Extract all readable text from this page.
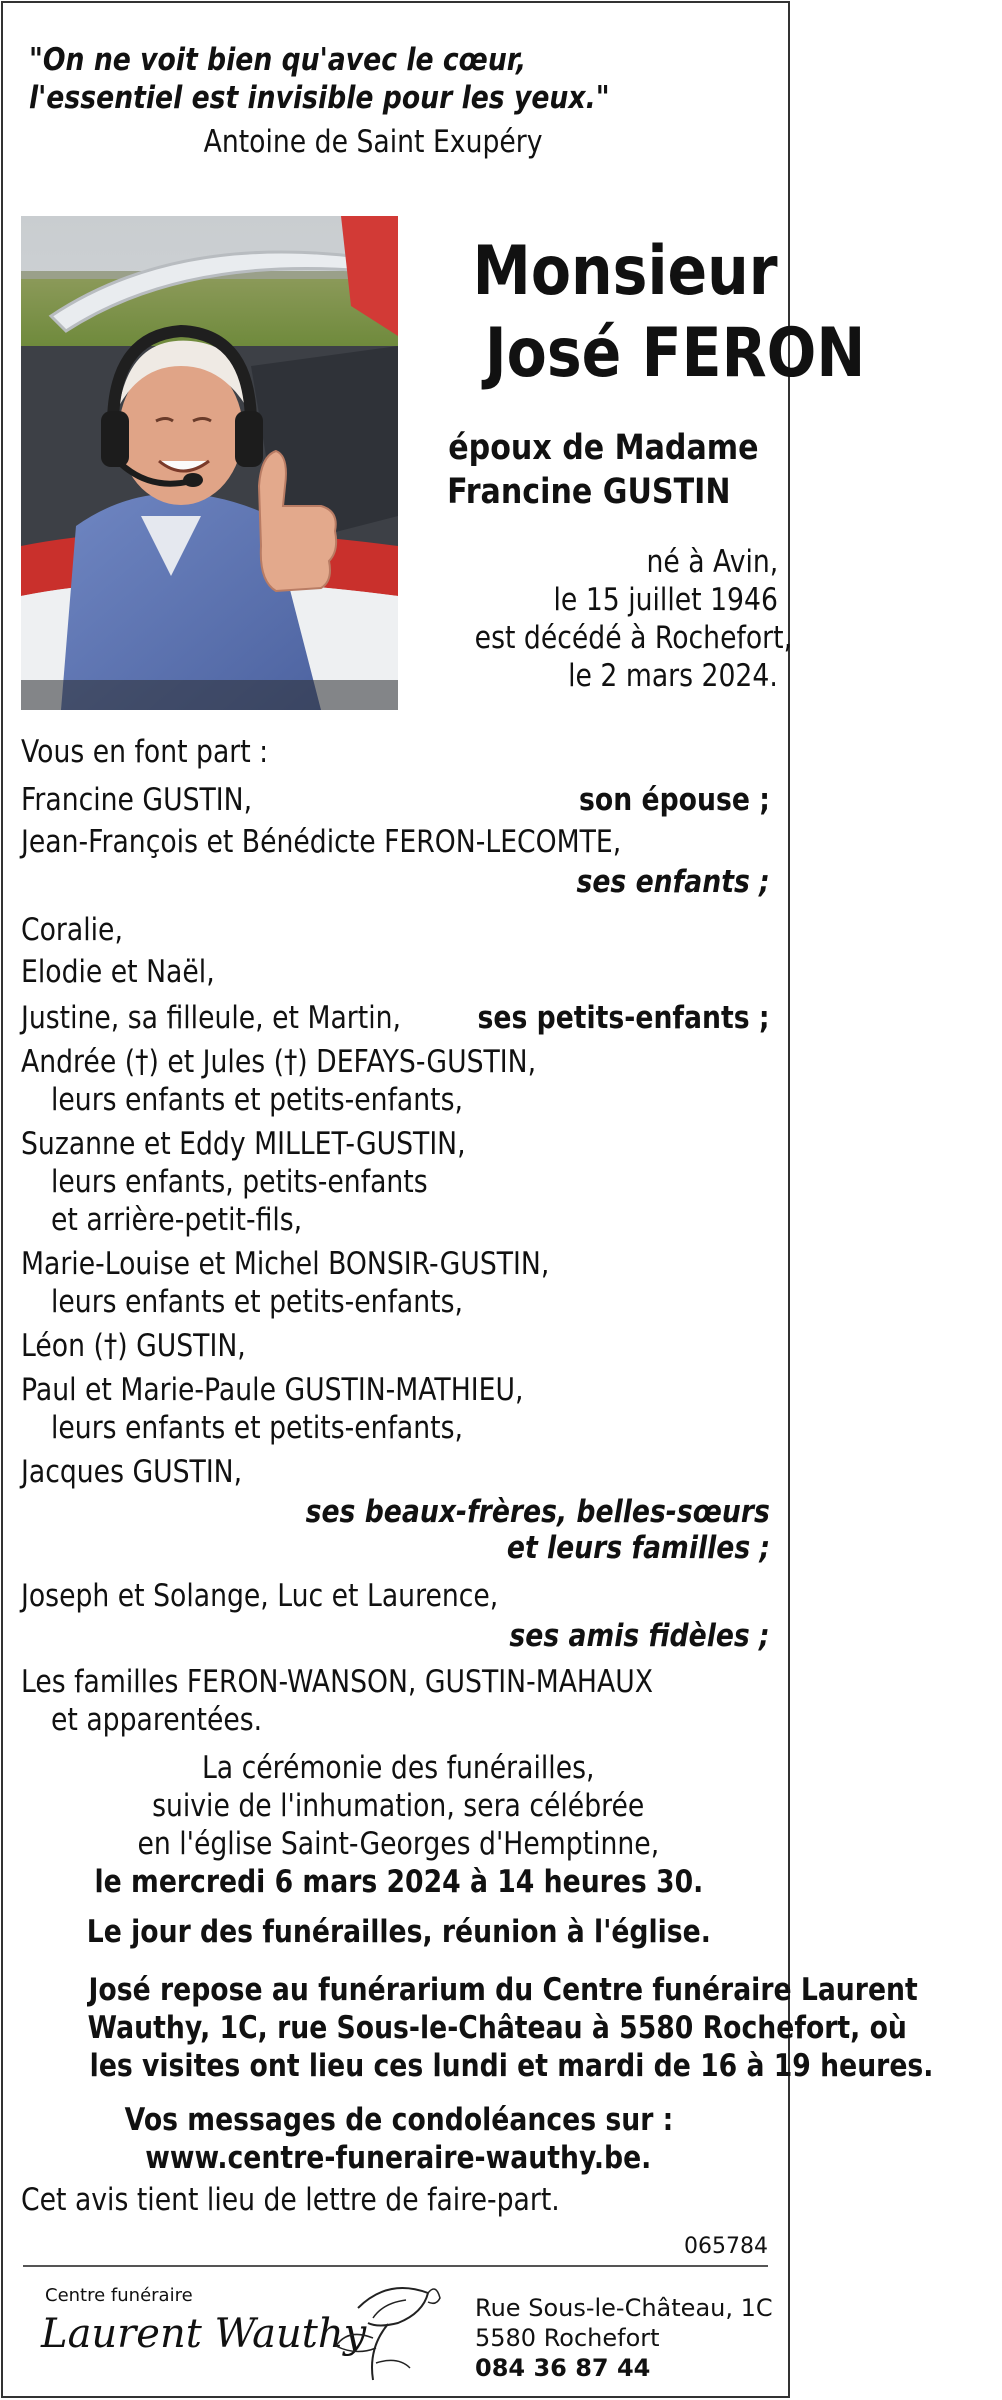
"On ne voit bien qu'avec le cœur,
l'essentiel est invisible pour les yeux."
Antoine de Saint Exupéry
Monsieur
José FERON
époux de Madame
Francine GUSTIN
né à Avin,
le 15 juillet 1946
est décédé à Rochefort,
le 2 mars 2024.
Vous en font part :
Francine GUSTIN,	son épouse ;
Jean-François et Bénédicte FERON-LECOMTE,
ses enfants ;
Coralie,
Elodie et Naël,
Justine, sa filleule, et Martin, ses petits-enfants ;
Andrée (†) et Jules (†) DEFAYS-GUSTIN,
leurs enfants et petits-enfants,
Suzanne et Eddy MILLET-GUSTIN,
leurs enfants, petits-enfants
et arrière-petit-fils,
Marie-Louise et Michel BONSIR-GUSTIN,
leurs enfants et petits-enfants,
Léon (†) GUSTIN,
Paul et Marie-Paule GUSTIN-MATHIEU,
leurs enfants et petits-enfants,
Jacques GUSTIN,
ses beaux-frères, belles-sœurs
et leurs familles ;
Joseph et Solange, Luc et Laurence,
ses amis fidèles ;
Les familles FERON-WANSON, GUSTIN-MAHAUX
et apparentées.
La cérémonie des funérailles,
suivie de l'inhumation, sera célébrée
en l'église Saint-Georges d'Hemptinne,
le mercredi 6 mars 2024 à 14 heures 30.
Le jour des funérailles, réunion à l'église.
José repose au funérarium du Centre funéraire Laurent
Wauthy, 1C, rue Sous-le-Château à 5580 Rochefort, où
les visites ont lieu ces lundi et mardi de 16 à 19 heures.
Vos messages de condoléances sur :
www.centre-funeraire-wauthy.be.
Cet avis tient lieu de lettre de faire-part.
065784
Centre funéraire
Laurent Wauthy
Rue Sous-le-Château, 1C
5580 Rochefort
084 36 87 44
